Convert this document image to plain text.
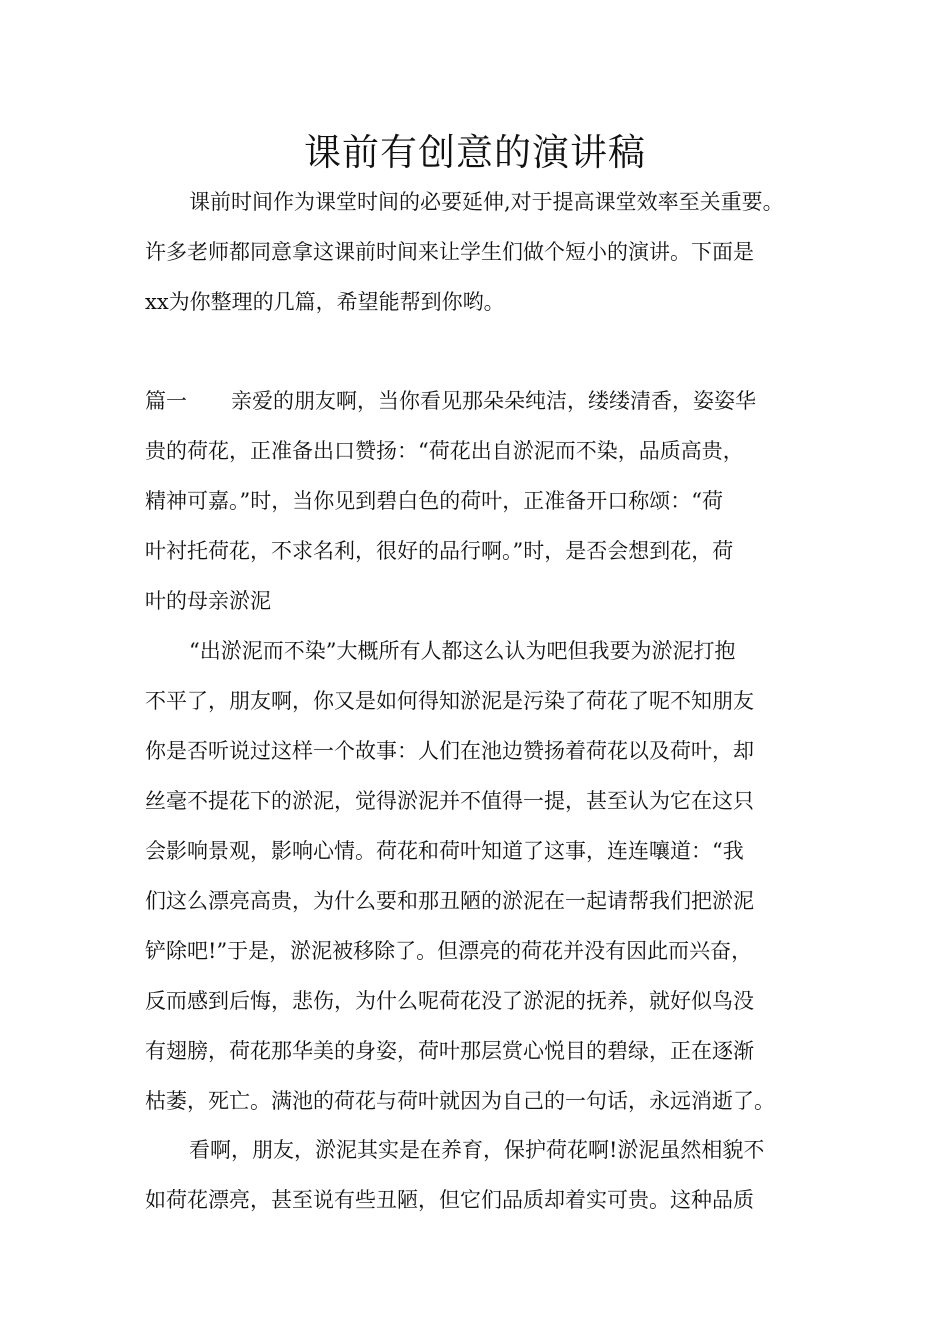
课前有创意的演讲稿
课前时间作为课堂时间的必要延伸,对于提高课堂效率至关重要。
许多老师都同意拿这课前时间来让学生们做个短小的演讲。下面是
xx为你整理的几篇，希望能帮到你哟。
篇一 亲爱的朋友啊，当你看见那朵朵纯洁，缕缕清香，姿姿华
贵的荷花，正准备出口赞扬：“荷花出自淤泥而不染，品质高贵，
精神可嘉。”时，当你见到碧白色的荷叶，正准备开口称颂：“荷
叶衬托荷花，不求名利，很好的品行啊。”时，是否会想到花，荷
叶的母亲淤泥
“出淤泥而不染”大概所有人都这么认为吧但我要为淤泥打抱
不平了，朋友啊，你又是如何得知淤泥是污染了荷花了呢不知朋友
你是否听说过这样一个故事：人们在池边赞扬着荷花以及荷叶，却
丝毫不提花下的淤泥，觉得淤泥并不值得一提，甚至认为它在这只
会影响景观，影响心情。荷花和荷叶知道了这事，连连嚷道：“我
们这么漂亮高贵，为什么要和那丑陋的淤泥在一起请帮我们把淤泥
铲除吧!”于是，淤泥被移除了。但漂亮的荷花并没有因此而兴奋，
反而感到后悔，悲伤，为什么呢荷花没了淤泥的抚养，就好似鸟没
有翅膀，荷花那华美的身姿，荷叶那层赏心悦目的碧绿，正在逐渐
枯萎，死亡。满池的荷花与荷叶就因为自己的一句话，永远消逝了。
看啊，朋友，淤泥其实是在养育，保护荷花啊!淤泥虽然相貌不
如荷花漂亮，甚至说有些丑陋，但它们品质却着实可贵。这种品质
